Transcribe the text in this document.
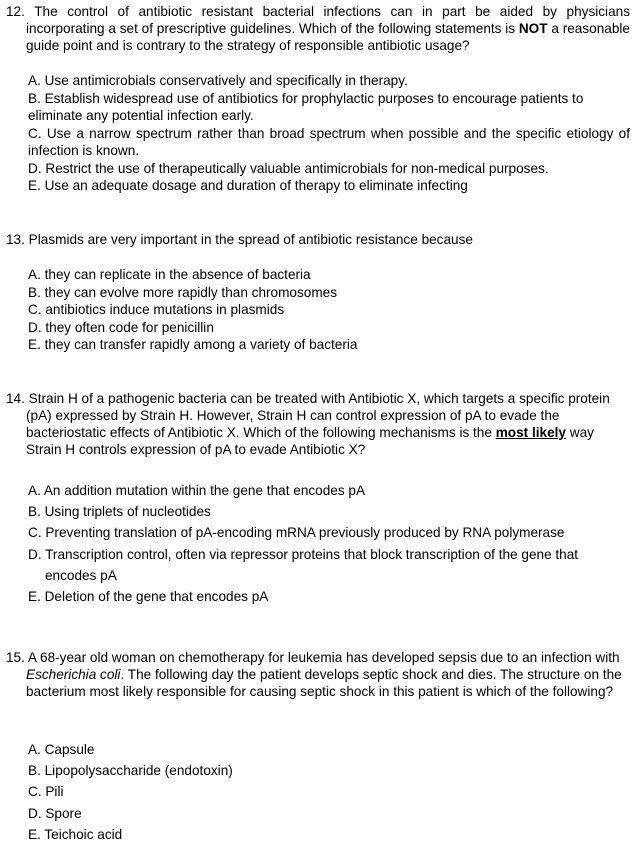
12. The control of antibiotic resistant bacterial infections can in part be aided by physicians incorporating a set of prescriptive guidelines. Which of the following statements is NOT a reasonable guide point and is contrary to the strategy of responsible antibiotic usage?
A. Use antimicrobials conservatively and specifically in therapy.
B. Establish widespread use of antibiotics for prophylactic purposes to encourage patients to eliminate any potential infection early.
C. Use a narrow spectrum rather than broad spectrum when possible and the specific etiology of infection is known.
D. Restrict the use of therapeutically valuable antimicrobials for non-medical purposes.
E. Use an adequate dosage and duration of therapy to eliminate infecting
13. Plasmids are very important in the spread of antibiotic resistance because
A. they can replicate in the absence of bacteria
B. they can evolve more rapidly than chromosomes
C. antibiotics induce mutations in plasmids
D. they often code for penicillin
E. they can transfer rapidly among a variety of bacteria
14. Strain H of a pathogenic bacteria can be treated with Antibiotic X, which targets a specific protein (pA) expressed by Strain H. However, Strain H can control expression of pA to evade the bacteriostatic effects of Antibiotic X. Which of the following mechanisms is the most likely way Strain H controls expression of pA to evade Antibiotic X?
A. An addition mutation within the gene that encodes pA
B. Using triplets of nucleotides
C. Preventing translation of pA-encoding mRNA previously produced by RNA polymerase
D. Transcription control, often via repressor proteins that block transcription of the gene that encodes pA
E. Deletion of the gene that encodes pA
15. A 68-year old woman on chemotherapy for leukemia has developed sepsis due to an infection with Escherichia coli. The following day the patient develops septic shock and dies. The structure on the bacterium most likely responsible for causing septic shock in this patient is which of the following?
A. Capsule
B. Lipopolysaccharide (endotoxin)
C. Pili
D. Spore
E. Teichoic acid
